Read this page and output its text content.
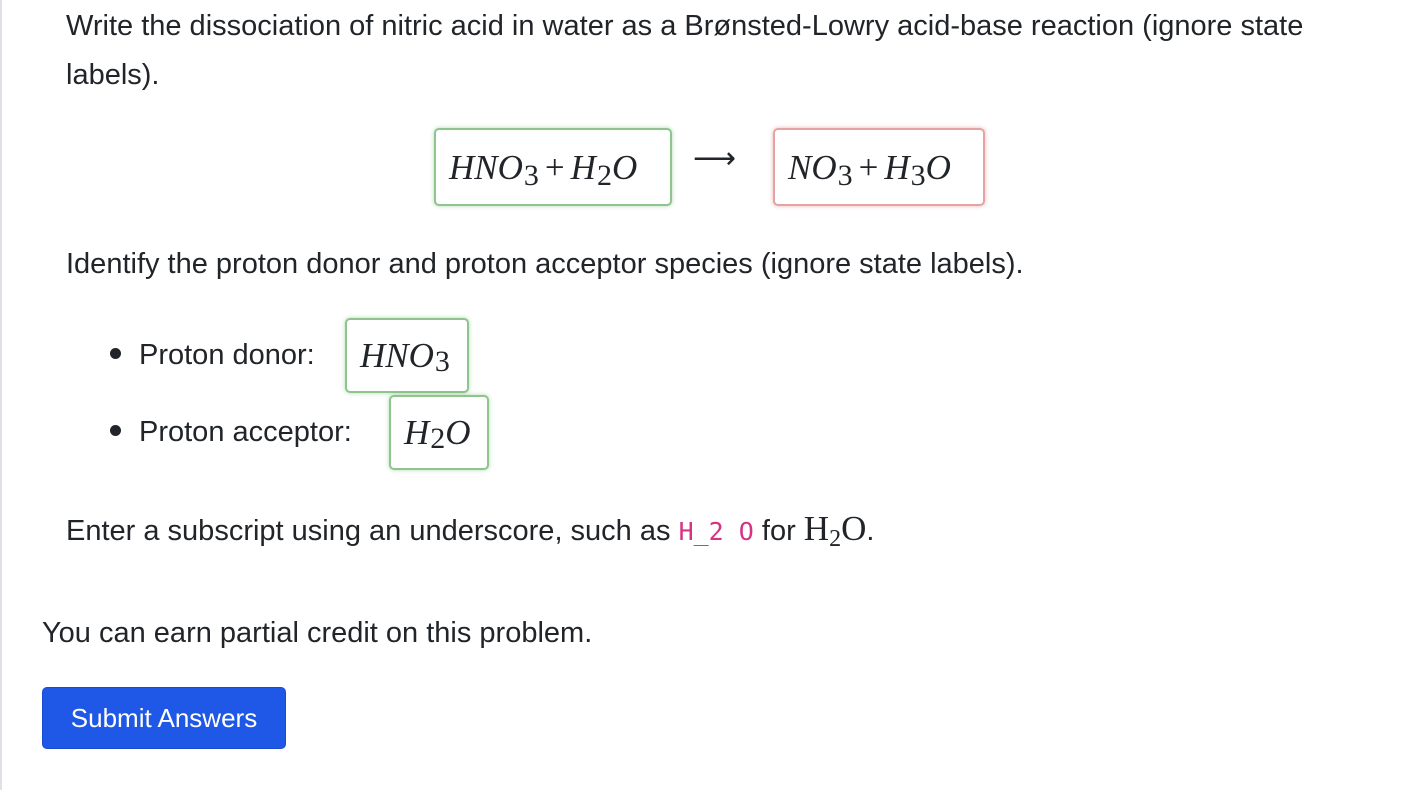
Write the dissociation of nitric acid in water as a Brønsted-Lowry acid-base reaction (ignore state labels).

$HNO_3 + H_2O$ ⟶ $NO_3 + H_3O$

Identify the proton donor and proton acceptor species (ignore state labels).

Proton donor: $HNO_3$
Proton acceptor: $H_2$ O

Enter a subscript using an underscore, such as H_2 O for $H_2O$.

You can earn partial credit on this problem.

Submit Answers
